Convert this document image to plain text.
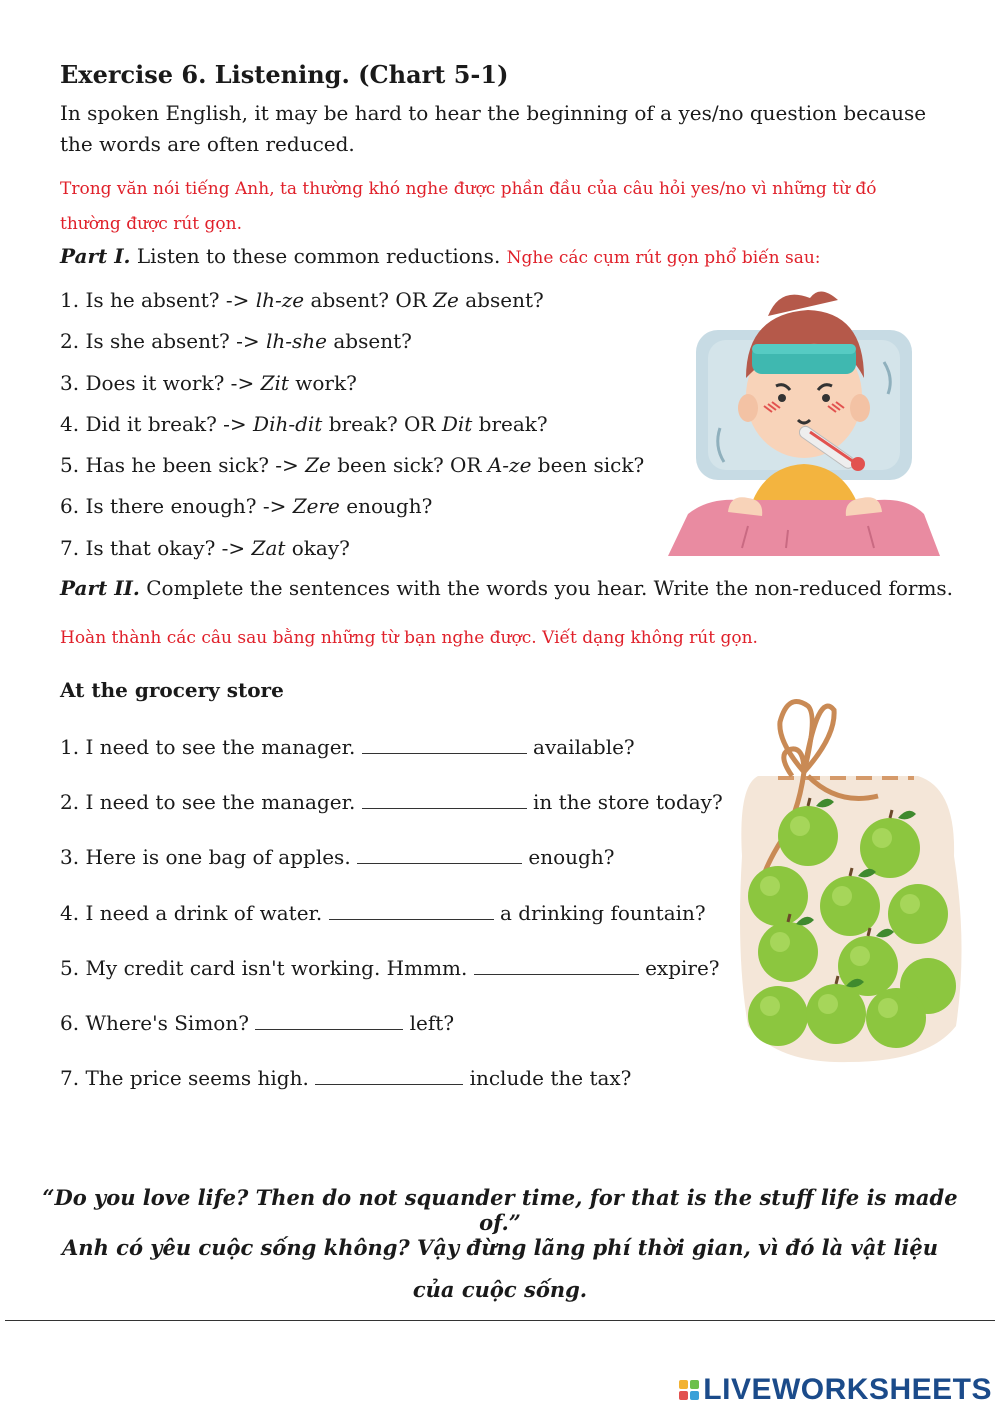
Exercise 6. Listening. (Chart 5-1)
In spoken English, it may be hard to hear the beginning of a yes/no question because the words are often reduced.
Trong văn nói tiếng Anh, ta thường khó nghe được phần đầu của câu hỏi yes/no vì những từ đó thường được rút gọn.
Part I. Listen to these common reductions. Nghe các cụm rút gọn phổ biến sau:
1. Is he absent? -> lh-ze absent? OR Ze absent?
2. Is she absent? -> lh-she absent?
3. Does it work? -> Zit work?
4. Did it break? -> Dih-dit break? OR Dit break?
5. Has he been sick? -> Ze been sick? OR A-ze been sick?
6. Is there enough? -> Zere enough?
7. Is that okay? -> Zat okay?
Part II. Complete the sentences with the words you hear. Write the non-reduced forms.
Hoàn thành các câu sau bằng những từ bạn nghe được. Viết dạng không rút gọn.
At the grocery store
1. I need to see the manager.	available?
2. I need to see the manager.	in the store today?
3. Here is one bag of apples.	enough?
4. I need a drink of water.	a drinking fountain?
5. My credit card isn't working. Hmmm.	expire?
6. Where's Simon?	left?
7. The price seems high.	include the tax?
“Do you love life? Then do not squander time, for that is the stuff life is made of.”
Anh có yêu cuộc sống không? Vậy đừng lãng phí thời gian, vì đó là vật liệu của cuộc sống.
LIVEWORKSHEETS
